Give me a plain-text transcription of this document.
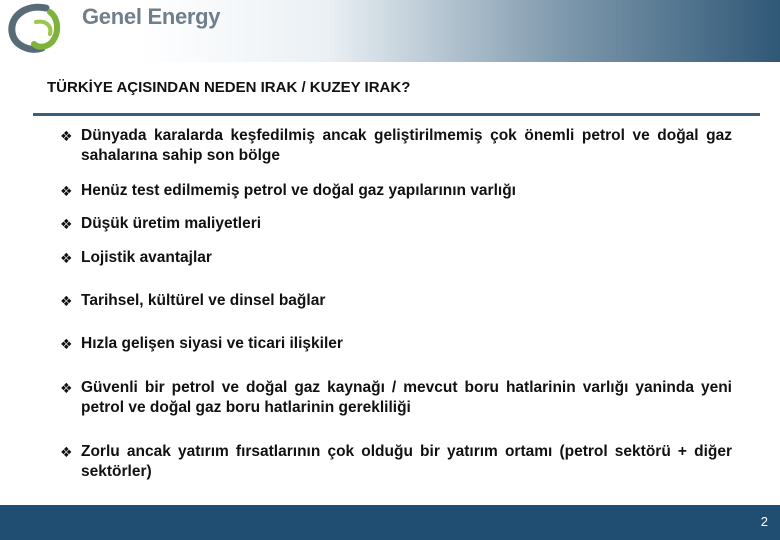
Genel Energy
TÜRKİYE AÇISINDAN NEDEN IRAK / KUZEY IRAK?
❖ Dünyada karalarda keşfedilmiş ancak geliştirilmemiş çok önemli petrol ve doğal gaz sahalarına sahip son bölge
❖ Henüz test edilmemiş petrol ve doğal gaz yapılarının varlığı
❖ Düşük üretim maliyetleri
❖ Lojistik avantajlar
❖ Tarihsel, kültürel ve dinsel bağlar
❖ Hızla gelişen siyasi ve ticari ilişkiler
❖ Güvenli bir petrol ve doğal gaz kaynağı / mevcut boru hatlarinin varlığı yaninda yeni petrol ve doğal gaz boru hatlarinin gerekliliği
❖ Zorlu ancak yatırım fırsatlarının çok olduğu bir yatırım ortamı (petrol sektörü + diğer sektörler)
2
